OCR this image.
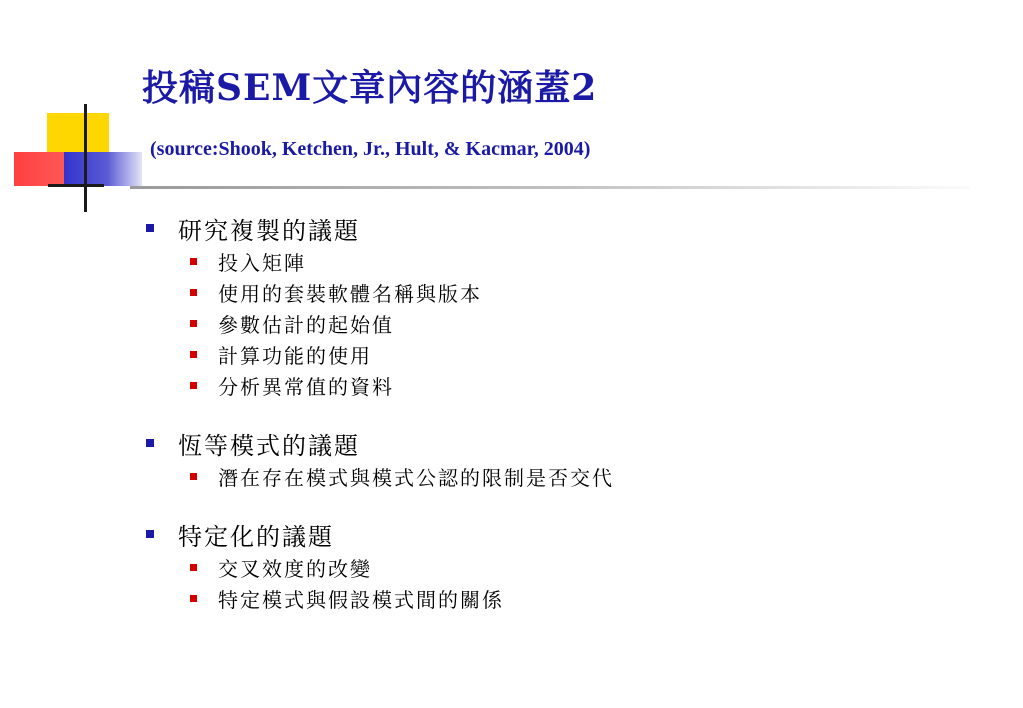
投稿SEM文章內容的涵蓋2
(source:Shook, Ketchen, Jr., Hult, & Kacmar, 2004)
研究複製的議題
投入矩陣
使用的套裝軟體名稱與版本
參數估計的起始值
計算功能的使用
分析異常值的資料
恆等模式的議題
潛在存在模式與模式公認的限制是否交代
特定化的議題
交叉效度的改變
特定模式與假設模式間的關係
